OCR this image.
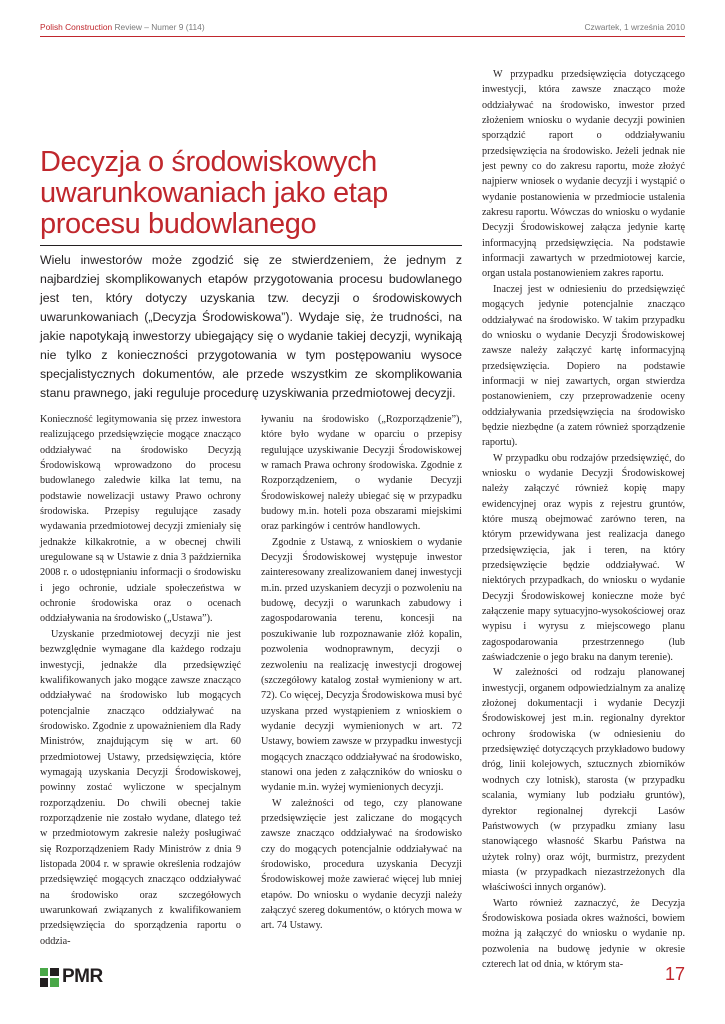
Polish Construction Review – Numer 9 (114)	Czwartek, 1 września 2010
Decyzja o środowiskowych uwarunkowaniach jako etap procesu budowlanego

Wielu inwestorów może zgodzić się ze stwierdzeniem, że jednym z najbardziej skomplikowanych etapów przygotowania procesu budowlanego jest ten, który dotyczy uzyskania tzw. decyzji o środowiskowych uwarunkowaniach („Decyzja Środowiskowa”). Wydaje się, że trudności, na jakie napotykają inwestorzy ubiegający się o wydanie takiej decyzji, wynikają nie tylko z konieczności przygotowania w tym postępowaniu wysoce specjalistycznych dokumentów, ale przede wszystkim ze skomplikowania stanu prawnego, jaki reguluje procedurę uzyskiwania przedmiotowej decyzji.

Konieczność legitymowania się przez inwestora realizującego przedsięwzięcie mogące znacząco oddziaływać na środowisko Decyzją Środowiskową wprowadzono do procesu budowlanego zaledwie kilka lat temu, na podstawie nowelizacji ustawy Prawo ochrony środowiska. Przepisy regulujące zasady wydawania przedmiotowej decyzji zmieniały się jednakże kilkakrotnie, a w obecnej chwili uregulowane są w Ustawie z dnia 3 października 2008 r. o udostępnianiu informacji o środowisku i jego ochronie, udziale społeczeństwa w ochronie środowiska oraz o ocenach oddziaływania na środowisko („Ustawa”).

Uzyskanie przedmiotowej decyzji nie jest bezwzględnie wymagane dla każdego rodzaju inwestycji, jednakże dla przedsięwzięć kwalifikowanych jako mogące zawsze znacząco oddziaływać na środowisko lub mogących potencjalnie znacząco oddziaływać na środowisko. Zgodnie z upoważnieniem dla Rady Ministrów, znajdującym się w art. 60 przedmiotowej Ustawy, przedsięwzięcia, które wymagają uzyskania Decyzji Środowiskowej, powinny zostać wyliczone w specjalnym rozporządzeniu. Do chwili obecnej takie rozporządzenie nie zostało wydane, dlatego też w przedmiotowym zakresie należy posługiwać się Rozporządzeniem Rady Ministrów z dnia 9 listopada 2004 r. w sprawie określenia rodzajów przedsięwzięć mogących znacząco oddziaływać na środowisko oraz szczegółowych uwarunkowań związanych z kwalifikowaniem przedsięwzięcia do sporządzenia raportu o oddzia-

ływaniu na środowisko („Rozporządzenie”), które było wydane w oparciu o przepisy regulujące uzyskiwanie Decyzji Środowiskowej w ramach Prawa ochrony środowiska. Zgodnie z Rozporządzeniem, o wydanie Decyzji Środowiskowej należy ubiegać się w przypadku budowy m.in. hoteli poza obszarami miejskimi oraz parkingów i centrów handlowych.

Zgodnie z Ustawą, z wnioskiem o wydanie Decyzji Środowiskowej występuje inwestor zainteresowany zrealizowaniem danej inwestycji m.in. przed uzyskaniem decyzji o pozwoleniu na budowę, decyzji o warunkach zabudowy i zagospodarowania terenu, koncesji na poszukiwanie lub rozpoznawanie złóż kopalin, pozwolenia wodnoprawnym, decyzji o zezwoleniu na realizację inwestycji drogowej (szczegółowy katalog został wymieniony w art. 72). Co więcej, Decyzja Środowiskowa musi być uzyskana przed wystąpieniem z wnioskiem o wydanie decyzji wymienionych w art. 72 Ustawy, bowiem zawsze w przypadku inwestycji mogących znacząco oddziaływać na środowisko, stanowi ona jeden z załączników do wniosku o wydanie m.in. wyżej wymienionych decyzji.

W zależności od tego, czy planowane przedsięwzięcie jest zaliczane do mogących zawsze znacząco oddziaływać na środowisko czy do mogących potencjalnie oddziaływać na środowisko, procedura uzyskania Decyzji Środowiskowej może zawierać więcej lub mniej etapów. Do wniosku o wydanie decyzji należy załączyć szereg dokumentów, o których mowa w art. 74 Ustawy.

W przypadku przedsięwzięcia dotyczącego inwestycji, która zawsze znacząco może oddziaływać na środowisko, inwestor przed złożeniem wniosku o wydanie decyzji powinien sporządzić raport o oddziaływaniu przedsięwzięcia na środowisko. Jeżeli jednak nie jest pewny co do zakresu raportu, może złożyć najpierw wniosek o wydanie decyzji i wystąpić o wydanie postanowienia w przedmiocie ustalenia zakresu raportu. Wówczas do wniosku o wydanie Decyzji Środowiskowej załącza jedynie kartę informacyjną przedsięwzięcia. Na podstawie informacji zawartych w przedmiotowej karcie, organ ustala postanowieniem zakres raportu.

Inaczej jest w odniesieniu do przedsięwzięć mogących jedynie potencjalnie znacząco oddziaływać na środowisko. W takim przypadku do wniosku o wydanie Decyzji Środowiskowej zawsze należy załączyć kartę informacyjną przedsięwzięcia. Dopiero na podstawie informacji w niej zawartych, organ stwierdza postanowieniem, czy przeprowadzenie oceny oddziaływania przedsięwzięcia na środowisko będzie niezbędne (a zatem również sporządzenie raportu).

W przypadku obu rodzajów przedsięwzięć, do wniosku o wydanie Decyzji Środowiskowej należy załączyć również kopię mapy ewidencyjnej oraz wypis z rejestru gruntów, które muszą obejmować zarówno teren, na którym przewidywana jest realizacja danego przedsięwzięcia, jak i teren, na który przedsięwzięcie będzie oddziaływać. W niektórych przypadkach, do wniosku o wydanie Decyzji Środowiskowej konieczne może być załączenie mapy sytuacyjno-wysokościowej oraz wypisu i wyrysu z miejscowego planu zagospodarowania przestrzennego (lub zaświadczenie o jego braku na danym terenie).

W zależności od rodzaju planowanej inwestycji, organem odpowiedzialnym za analizę złożonej dokumentacji i wydanie Decyzji Środowiskowej jest m.in. regionalny dyrektor ochrony środowiska (w odniesieniu do przedsięwzięć dotyczących przykładowo budowy dróg, linii kolejowych, sztucznych zbiorników wodnych czy lotnisk), starosta (w przypadku scalania, wymiany lub podziału gruntów), dyrektor regionalnej dyrekcji Lasów Państwowych (w przypadku zmiany lasu stanowiącego własność Skarbu Państwa na użytek rolny) oraz wójt, burmistrz, prezydent miasta (w przypadkach niezastrzeżonych dla właściwości innych organów).

Warto również zaznaczyć, że Decyzja Środowiskowa posiada okres ważności, bowiem można ją załączyć do wniosku o wydanie np. pozwolenia na budowę jedynie w okresie czterech lat od dnia, w którym sta-

PMR	17
